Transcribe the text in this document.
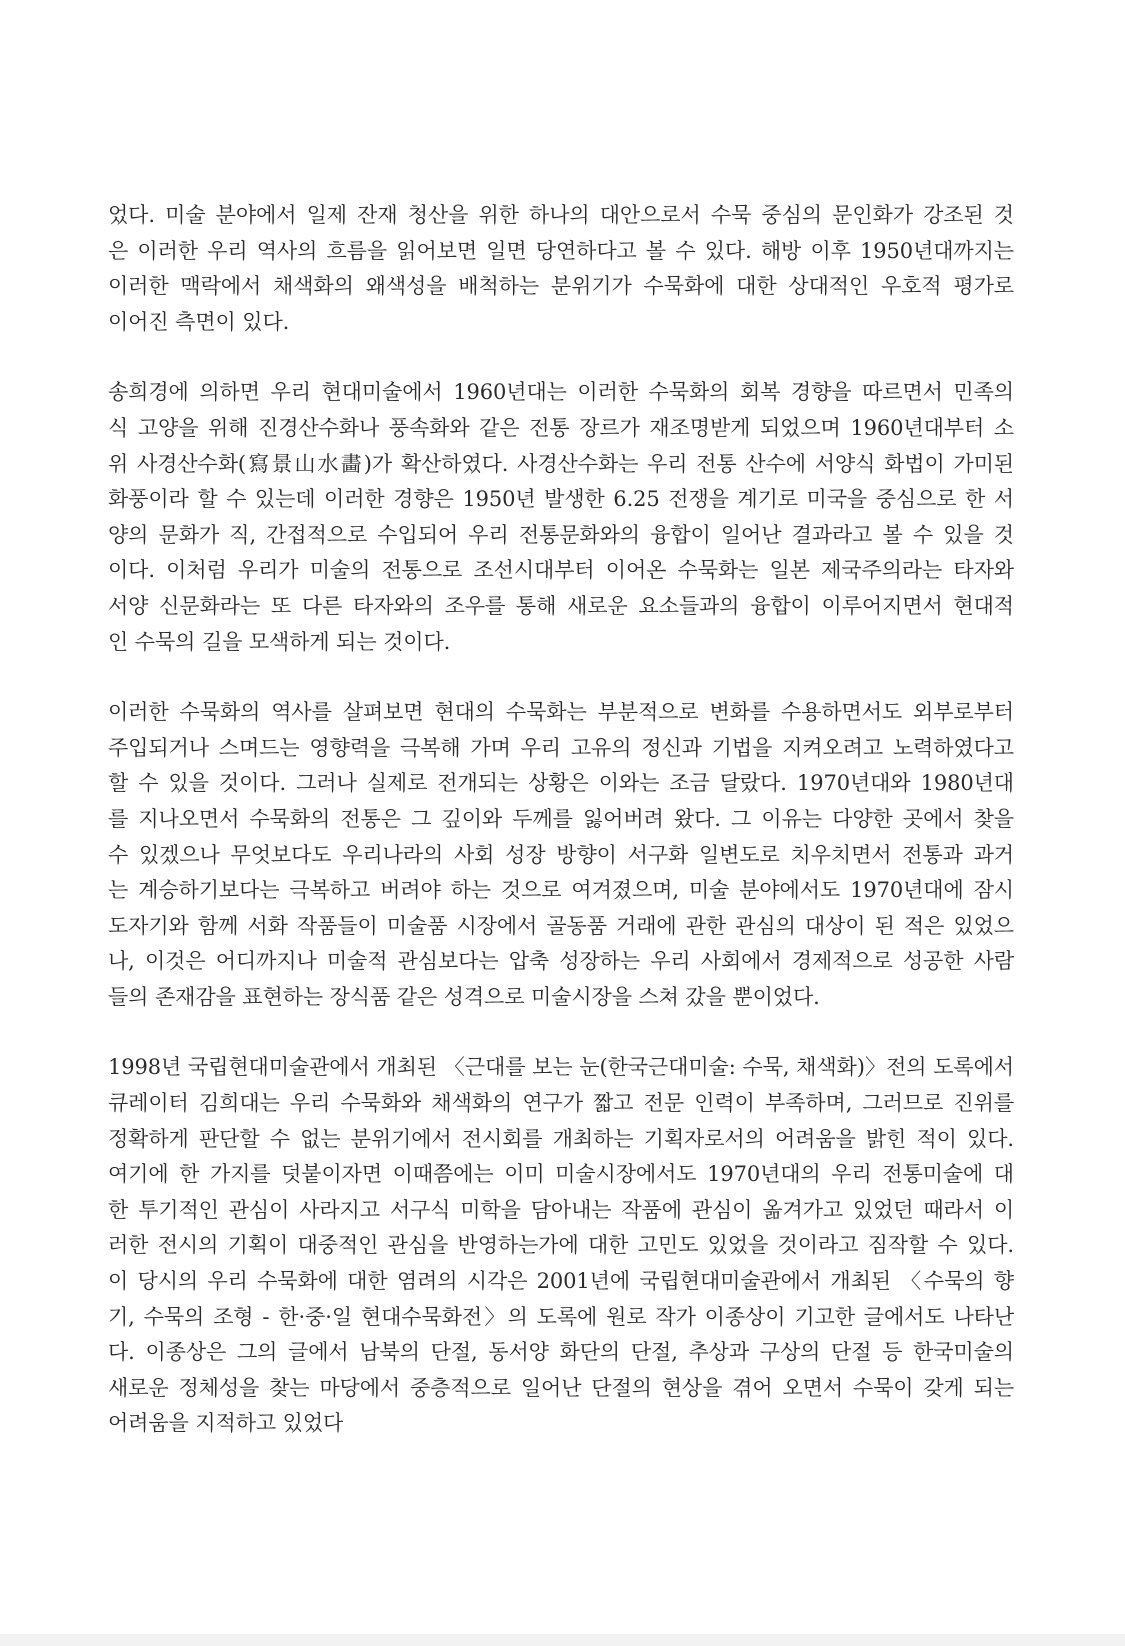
었다. 미술 분야에서 일제 잔재 청산을 위한 하나의 대안으로서 수묵 중심의 문인화가 강조된 것
은 이러한 우리 역사의 흐름을 읽어보면 일면 당연하다고 볼 수 있다. 해방 이후 1950년대까지는
이러한 맥락에서 채색화의 왜색성을 배척하는 분위기가 수묵화에 대한 상대적인 우호적 평가로
이어진 측면이 있다.

송희경에 의하면 우리 현대미술에서 1960년대는 이러한 수묵화의 회복 경향을 따르면서 민족의
식 고양을 위해 진경산수화나 풍속화와 같은 전통 장르가 재조명받게 되었으며 1960년대부터 소
위 사경산수화(寫景山水畵)가 확산하였다. 사경산수화는 우리 전통 산수에 서양식 화법이 가미된
화풍이라 할 수 있는데 이러한 경향은 1950년 발생한 6.25 전쟁을 계기로 미국을 중심으로 한 서
양의 문화가 직, 간접적으로 수입되어 우리 전통문화와의 융합이 일어난 결과라고 볼 수 있을 것
이다. 이처럼 우리가 미술의 전통으로 조선시대부터 이어온 수묵화는 일본 제국주의라는 타자와
서양 신문화라는 또 다른 타자와의 조우를 통해 새로운 요소들과의 융합이 이루어지면서 현대적
인 수묵의 길을 모색하게 되는 것이다.

이러한 수묵화의 역사를 살펴보면 현대의 수묵화는 부분적으로 변화를 수용하면서도 외부로부터
주입되거나 스며드는 영향력을 극복해 가며 우리 고유의 정신과 기법을 지켜오려고 노력하였다고
할 수 있을 것이다. 그러나 실제로 전개되는 상황은 이와는 조금 달랐다. 1970년대와 1980년대
를 지나오면서 수묵화의 전통은 그 깊이와 두께를 잃어버려 왔다. 그 이유는 다양한 곳에서 찾을
수 있겠으나 무엇보다도 우리나라의 사회 성장 방향이 서구화 일변도로 치우치면서 전통과 과거
는 계승하기보다는 극복하고 버려야 하는 것으로 여겨졌으며, 미술 분야에서도 1970년대에 잠시
도자기와 함께 서화 작품들이 미술품 시장에서 골동품 거래에 관한 관심의 대상이 된 적은 있었으
나, 이것은 어디까지나 미술적 관심보다는 압축 성장하는 우리 사회에서 경제적으로 성공한 사람
들의 존재감을 표현하는 장식품 같은 성격으로 미술시장을 스쳐 갔을 뿐이었다.

1998년 국립현대미술관에서 개최된 〈근대를 보는 눈(한국근대미술: 수묵, 채색화)〉전의 도록에서
큐레이터 김희대는 우리 수묵화와 채색화의 연구가 짧고 전문 인력이 부족하며, 그러므로 진위를
정확하게 판단할 수 없는 분위기에서 전시회를 개최하는 기획자로서의 어려움을 밝힌 적이 있다.
여기에 한 가지를 덧붙이자면 이때쯤에는 이미 미술시장에서도 1970년대의 우리 전통미술에 대
한 투기적인 관심이 사라지고 서구식 미학을 담아내는 작품에 관심이 옮겨가고 있었던 때라서 이
러한 전시의 기획이 대중적인 관심을 반영하는가에 대한 고민도 있었을 것이라고 짐작할 수 있다.
이 당시의 우리 수묵화에 대한 염려의 시각은 2001년에 국립현대미술관에서 개최된 〈수묵의 향
기, 수묵의 조형 - 한·중·일 현대수묵화전〉의 도록에 원로 작가 이종상이 기고한 글에서도 나타난
다. 이종상은 그의 글에서 남북의 단절, 동서양 화단의 단절, 추상과 구상의 단절 등 한국미술의
새로운 정체성을 찾는 마당에서 중층적으로 일어난 단절의 현상을 겪어 오면서 수묵이 갖게 되는
어려움을 지적하고 있었다
